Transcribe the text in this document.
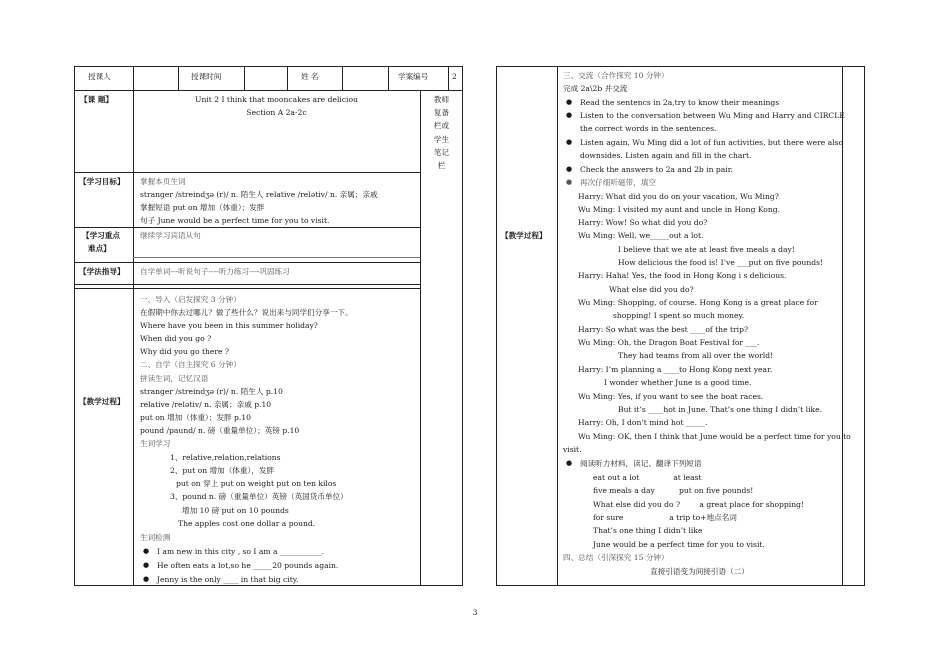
授课人	授课时间	姓 名	学案编号	2
【课 题】	Unit 2 I think that mooncakes are deliciou
Section A 2a-2c
教师
复备
栏或
学生
笔记
栏
【学习目标】 掌握本页生词
stranger /streindʒə (r)/ n. 陌生人 relative /relətiv/ n. 亲属；亲戚
掌握短语 put on 增加（体重）；发胖
句子 June would be a perfect time for you to visit.
【学习重点
难点】
继续学习宾语从句
【学法指导】 自学单词---听说句子----听力练习----巩固练习
【教学过程】
一、导入（启发探究 3 分钟）
在假期中你去过哪儿？做了些什么？说出来与同学们分享一下。
Where have you been in this summer holiday?
When did you go ?
Why did you go there ?
二、自学（自主探究 6 分钟）
拼读生词，记忆汉语
stranger /streindʒə (r)/ n. 陌生人 p.10
relative /relətiv/ n. 亲属；亲戚 p.10
put on 增加（体重）；发胖 p.10
pound /paund/ n. 磅（重量单位）；英镑 p.10
生词学习
1、relative,relation,relations
2、put on 增加（体重），发胖
put on 穿上 put on weight put on ten kilos
3、pound n. 磅（重量单位）英镑（英国货币单位）
增加 10 磅 put on 10 pounds
The apples cost one dollar a pound.
生词检测
● I am new in this city , so I am a ___________.
● He often eats a lot,so he _____20 pounds again.
● Jenny is the only ____ in that big city.
【教学过程】
三、交流（合作探究 10 分钟）
完成 2a\2b 并交流
● Read the sentencs in 2a,try to know their meanings
● Listen to the conversation between Wu Ming and Harry and CIRCLE
the correct words in the sentences.
● Listen again, Wu Ming did a lot of fun activities, but there were also
downsides. Listen again and fill in the chart.
● Check the answers to 2a and 2b in pair.
● 再次仔细听磁带，填空
Harry: What did you do on your vacation, Wu Ming?
Wu Ming: I visited my aunt and uncle in Hong Kong.
Harry: Wow! So what did you do?
Wu Ming: Well, we_____out a lot.
I believe that we ate at least five meals a day!
How delicious the food is! I’ve ___put on five pounds!
Harry: Haha! Yes, the food in Hong Kong i s delicious.
What else did you do?
Wu Ming: Shopping, of course. Hong Kong is a great place for
shopping! I spent so much money.
Harry: So what was the best ____of the trip?
Wu Ming: Oh, the Dragon Boat Festival for ___.
They had teams from all over the world!
Harry: I’m planning a ____to Hong Kong next year.
I wonder whether June is a good time.
Wu Ming: Yes, if you want to see the boat races.
But it’s ____hot in June. That’s one thing I didn’t like.
Harry: Oh, I don’t mind hot _____.
Wu Ming: OK, then I think that June would be a perfect time for you to
visit.
● 阅读听力材料，读记、翻译下列短语
eat out a lot              at least
five meals a day          put on five pounds!
What else did you do ?        a great place for shopping!
for sure                   a trip to+地点名词
That’s one thing I didn’t like
June would be a perfect time for you to visit.
四、总结（引深探究 15 分钟）
直接引语变为间接引语（二）
3
